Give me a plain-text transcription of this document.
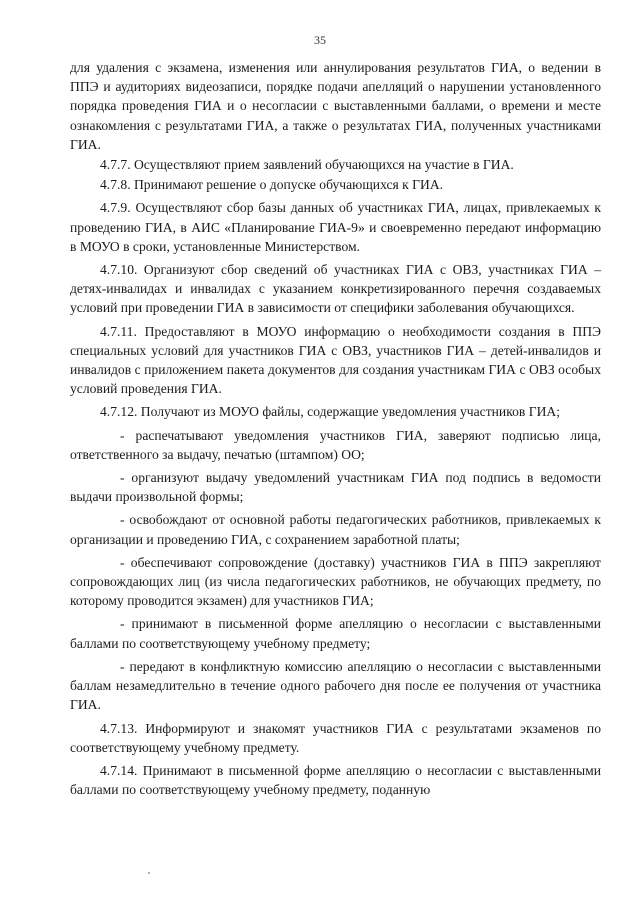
35

для удаления с экзамена, изменения или аннулирования результатов ГИА, о ведении в ППЭ и аудиториях видеозаписи, порядке подачи апелляций о нарушении установленного порядка проведения ГИА и о несогласии с выставленными баллами, о времени и месте ознакомления с результатами ГИА, а также о результатах ГИА, полученных участниками ГИА.

4.7.7. Осуществляют прием заявлений обучающихся на участие в ГИА.

4.7.8. Принимают решение о допуске обучающихся к ГИА.

4.7.9. Осуществляют сбор базы данных об участниках ГИА, лицах, привлекаемых к проведению ГИА, в АИС «Планирование ГИА-9» и своевременно передают информацию в МОУО в сроки, установленные Министерством.

4.7.10. Организуют сбор сведений об участниках ГИА с ОВЗ, участниках ГИА – детях-инвалидах и инвалидах с указанием конкретизированного перечня создаваемых условий при проведении ГИА в зависимости от специфики заболевания обучающихся.

4.7.11. Предоставляют в МОУО информацию о необходимости создания в ППЭ специальных условий для участников ГИА с ОВЗ, участников ГИА – детей-инвалидов и инвалидов с приложением пакета документов для создания участникам ГИА с ОВЗ особых условий проведения ГИА.

4.7.12. Получают из МОУО файлы, содержащие уведомления участников ГИА;

- распечатывают уведомления участников ГИА, заверяют подписью лица, ответственного за выдачу, печатью (штампом) ОО;

- организуют выдачу уведомлений участникам ГИА под подпись в ведомости выдачи произвольной формы;

- освобождают от основной работы педагогических работников, привлекаемых к организации и проведению ГИА, с сохранением заработной платы;

- обеспечивают сопровождение (доставку) участников ГИА в ППЭ закрепляют сопровождающих лиц (из числа педагогических работников, не обучающих предмету, по которому проводится экзамен) для участников ГИА;

- принимают в письменной форме апелляцию о несогласии с выставленными баллами по соответствующему учебному предмету;

- передают в конфликтную комиссию апелляцию о несогласии с выставленными баллам незамедлительно в течение одного рабочего дня после ее получения от участника ГИА.

4.7.13. Информируют и знакомят участников ГИА с результатами экзаменов по соответствующему учебному предмету.

4.7.14. Принимают в письменной форме апелляцию о несогласии с выставленными баллами по соответствующему учебному предмету, поданную
